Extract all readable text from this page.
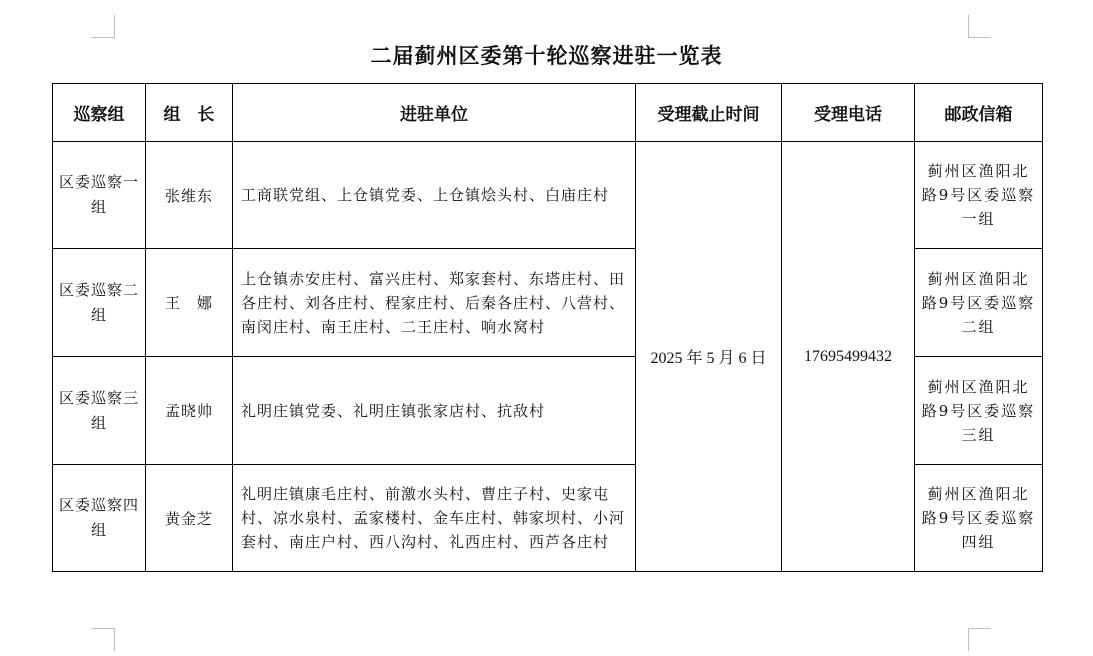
二届蓟州区委第十轮巡察进驻一览表
巡察组	组　长	进驻单位	受理截止时间	受理电话	邮政信箱

区委巡察一组	张维东	工商联党组、上仓镇党委、上仓镇烩头村、白庙庄村	2025 年 5 月 6 日	17695499432	蓟州区渔阳北路9号区委巡察一组

区委巡察二组	王　娜	上仓镇赤安庄村、富兴庄村、郑家套村、东塔庄村、田各庄村、刘各庄村、程家庄村、后秦各庄村、八营村、南闵庄村、南王庄村、二王庄村、响水窝村			蓟州区渔阳北路9号区委巡察二组

区委巡察三组	孟晓帅	礼明庄镇党委、礼明庄镇张家店村、抗敌村			蓟州区渔阳北路9号区委巡察三组

区委巡察四组	黄金芝	礼明庄镇康毛庄村、前激水头村、曹庄子村、史家屯村、凉水泉村、孟家楼村、金车庄村、韩家坝村、小河套村、南庄户村、西八沟村、礼西庄村、西芦各庄村			蓟州区渔阳北路9号区委巡察四组
